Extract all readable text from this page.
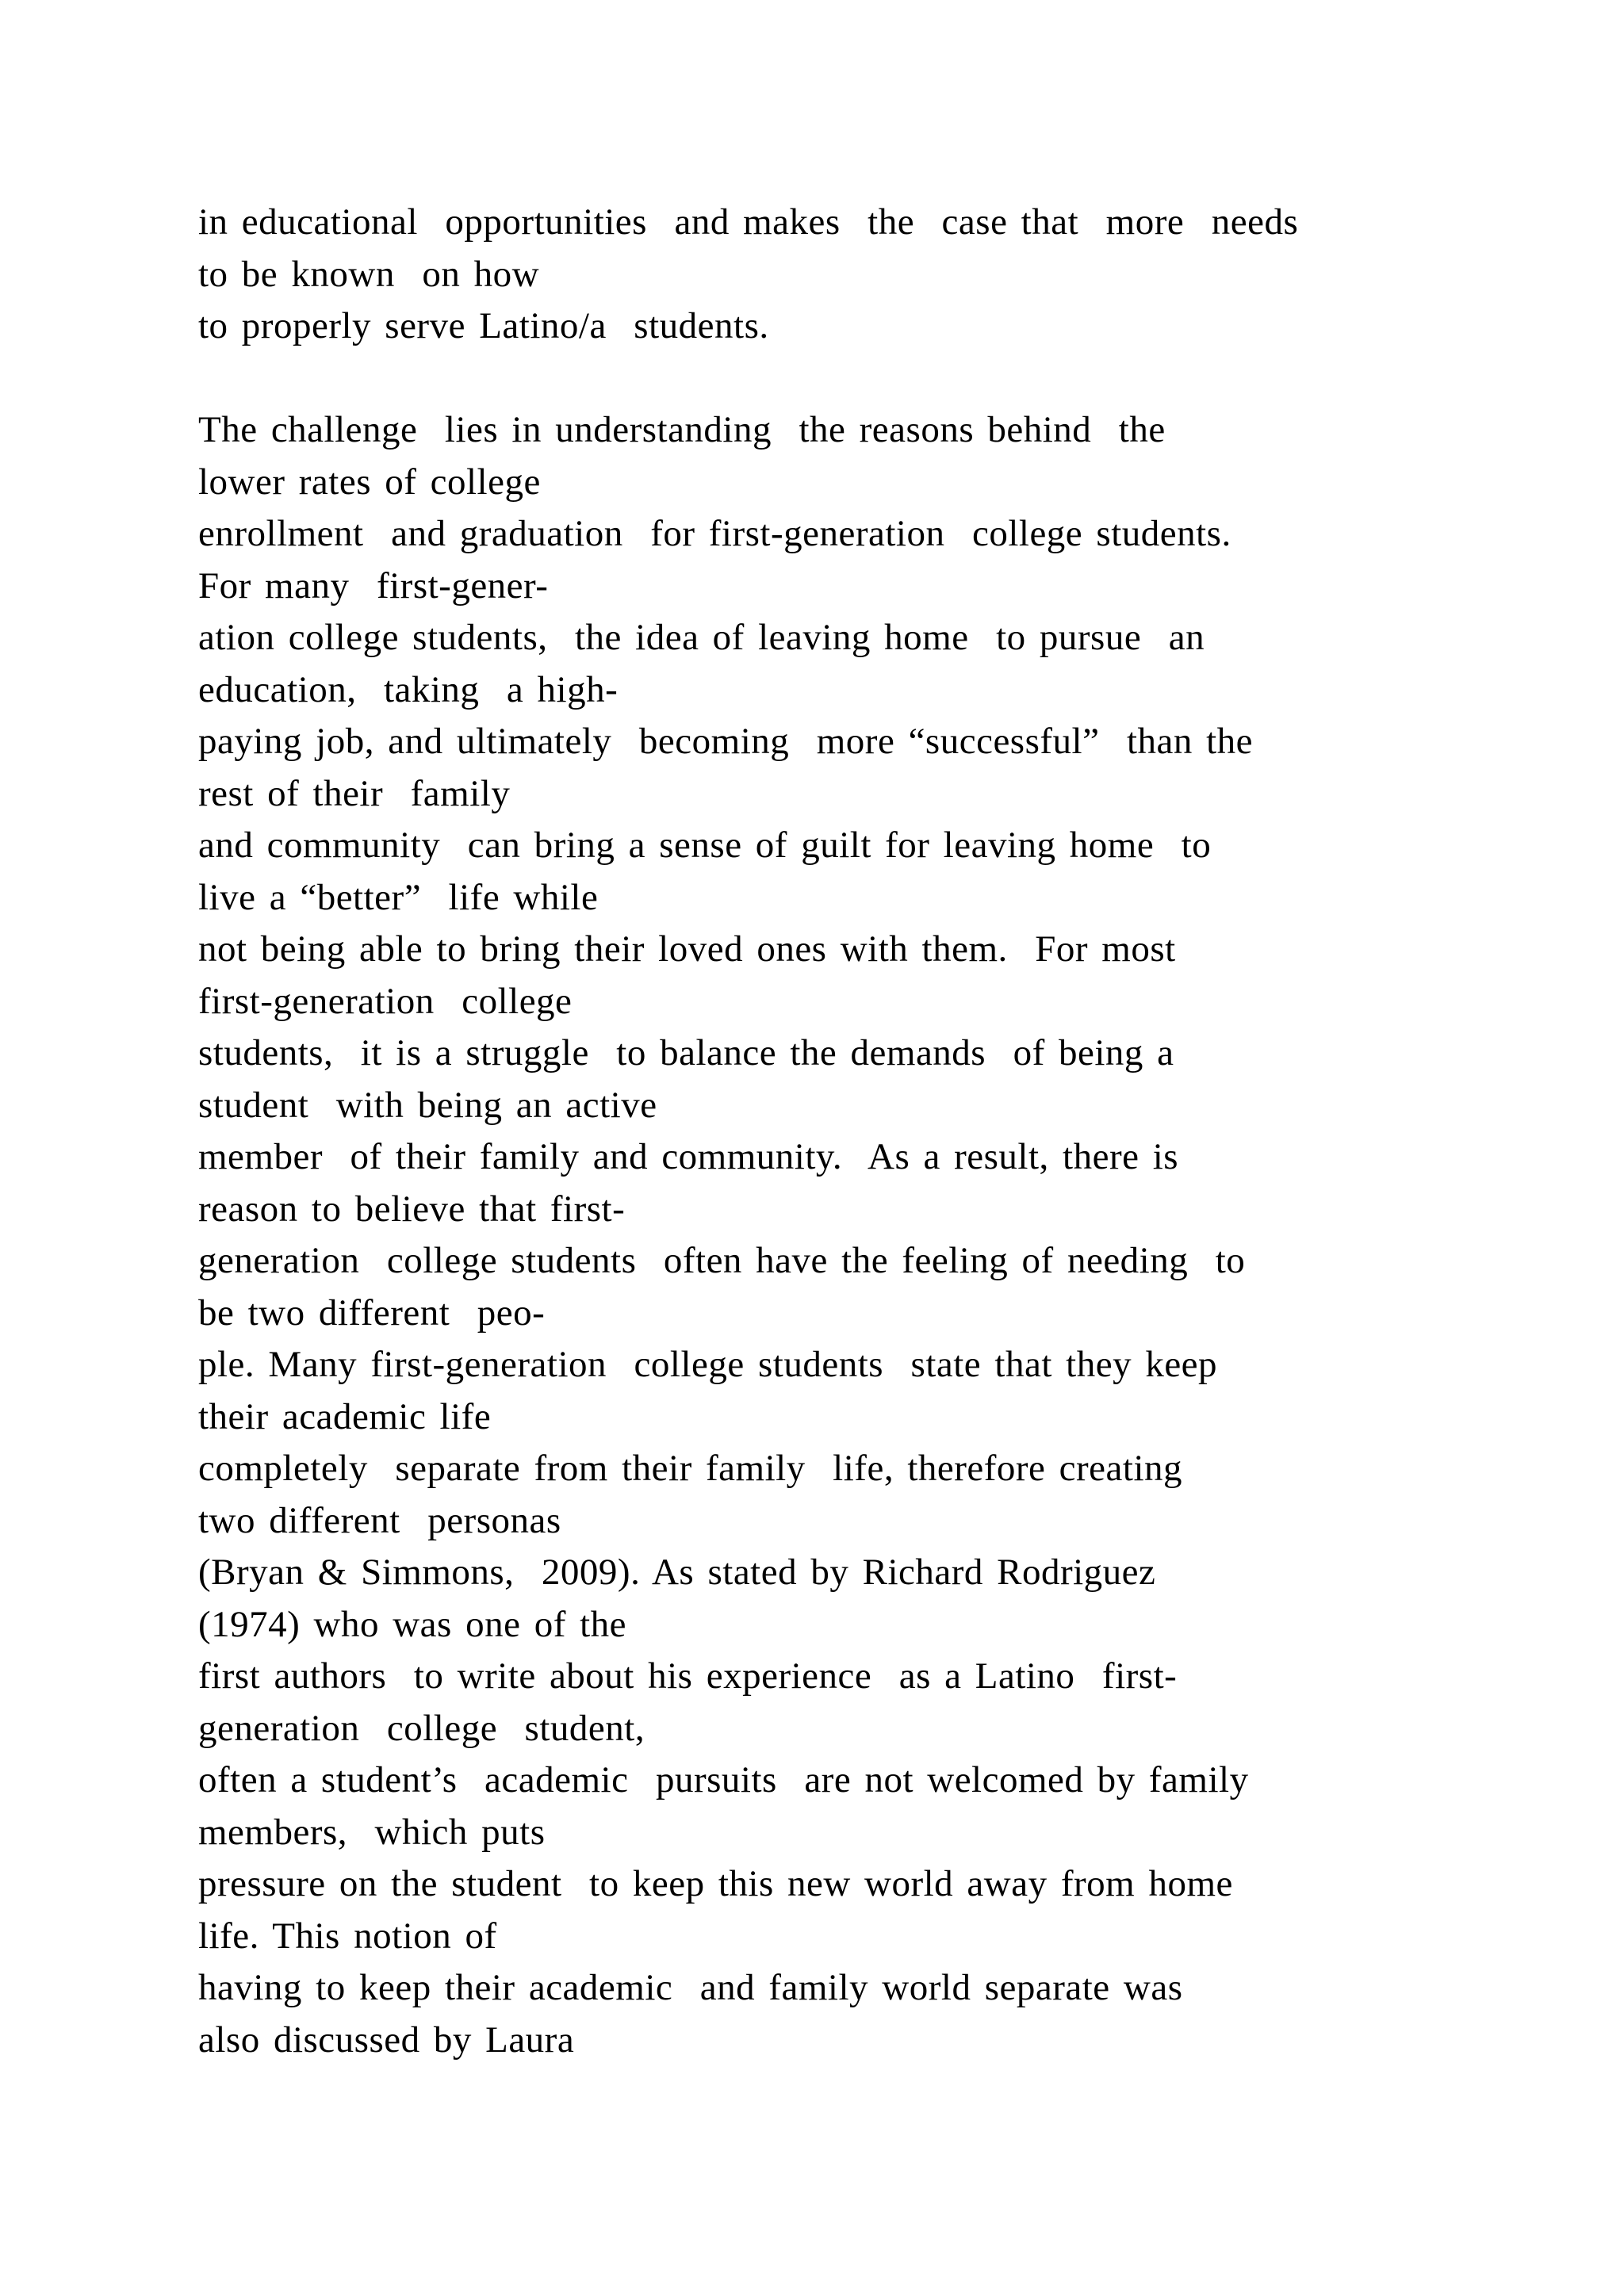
in educational  opportunities  and makes  the  case that  more  needs
to be known  on how
to properly serve Latino/a  students.
The challenge  lies in understanding  the reasons behind  the
lower rates of college
enrollment  and graduation  for first-generation  college students.
For many  first-gener-
ation college students,  the idea of leaving home  to pursue  an
education,  taking  a high-
paying job, and ultimately  becoming  more “successful”  than the
rest of their  family
and community  can bring a sense of guilt for leaving home  to
live a “better”  life while
not being able to bring their loved ones with them.  For most
first-generation  college
students,  it is a struggle  to balance the demands  of being a
student  with being an active
member  of their family and community.  As a result, there is
reason to believe that first-
generation  college students  often have the feeling of needing  to
be two different  peo-
ple. Many first-generation  college students  state that they keep
their academic life
completely  separate from their family  life, therefore creating
two different  personas
(Bryan & Simmons,  2009). As stated by Richard Rodriguez
(1974) who was one of the
first authors  to write about his experience  as a Latino  first-
generation  college  student,
often a student’s  academic  pursuits  are not welcomed by family
members,  which puts
pressure on the student  to keep this new world away from home
life. This notion of
having to keep their academic  and family world separate was
also discussed by Laura
